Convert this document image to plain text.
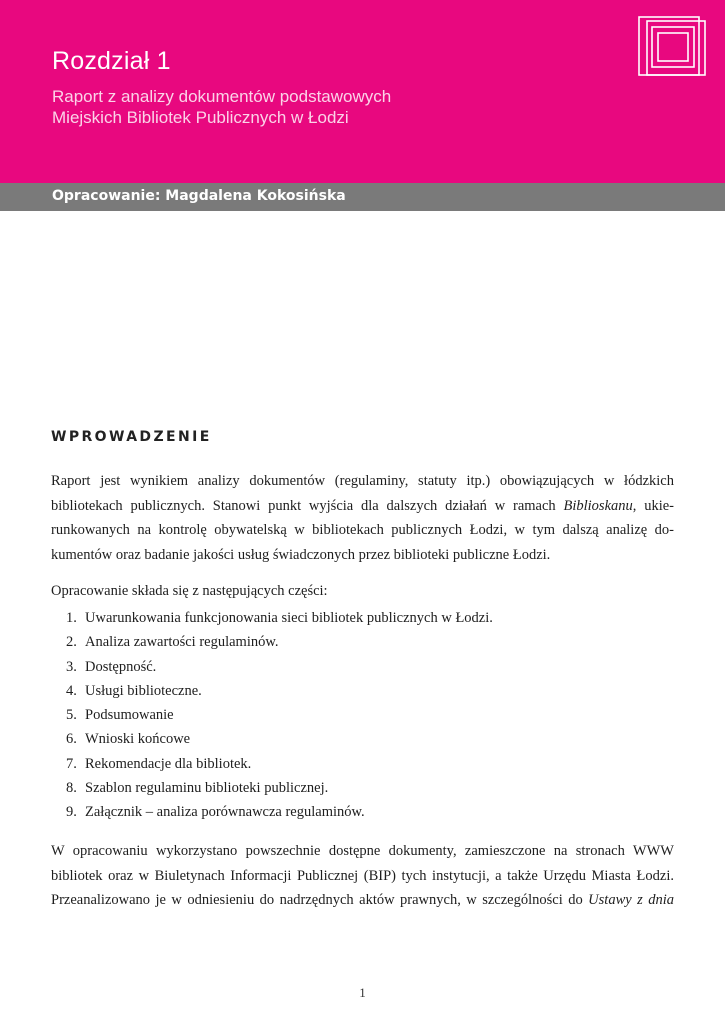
Rozdział 1
Raport z analizy dokumentów podstawowych
Miejskich Bibliotek Publicznych w Łodzi
Opracowanie: Magdalena Kokosińska
WPROWADZENIE
Raport jest wynikiem analizy dokumentów (regulaminy, statuty itp.) obowiązujących w łódzkich
bibliotekach publicznych. Stanowi punkt wyjścia dla dalszych działań w ramach Biblioskanu, ukie-
runkowanych na kontrolę obywatelską w bibliotekach publicznych Łodzi, w tym dalszą analizę do-
kumentów oraz badanie jakości usług świadczonych przez biblioteki publiczne Łodzi.
Opracowanie składa się z następujących części:
1. Uwarunkowania funkcjonowania sieci bibliotek publicznych w Łodzi.
2. Analiza zawartości regulaminów.
3. Dostępność.
4. Usługi biblioteczne.
5. Podsumowanie
6. Wnioski końcowe
7. Rekomendacje dla bibliotek.
8. Szablon regulaminu biblioteki publicznej.
9. Załącznik – analiza porównawcza regulaminów.
W opracowaniu wykorzystano powszechnie dostępne dokumenty, zamieszczone na stronach WWW
bibliotek oraz w Biuletynach Informacji Publicznej (BIP) tych instytucji, a także Urzędu Miasta Łodzi.
Przeanalizowano je w odniesieniu do nadrzędnych aktów prawnych, w szczególności do Ustawy z dnia
1
